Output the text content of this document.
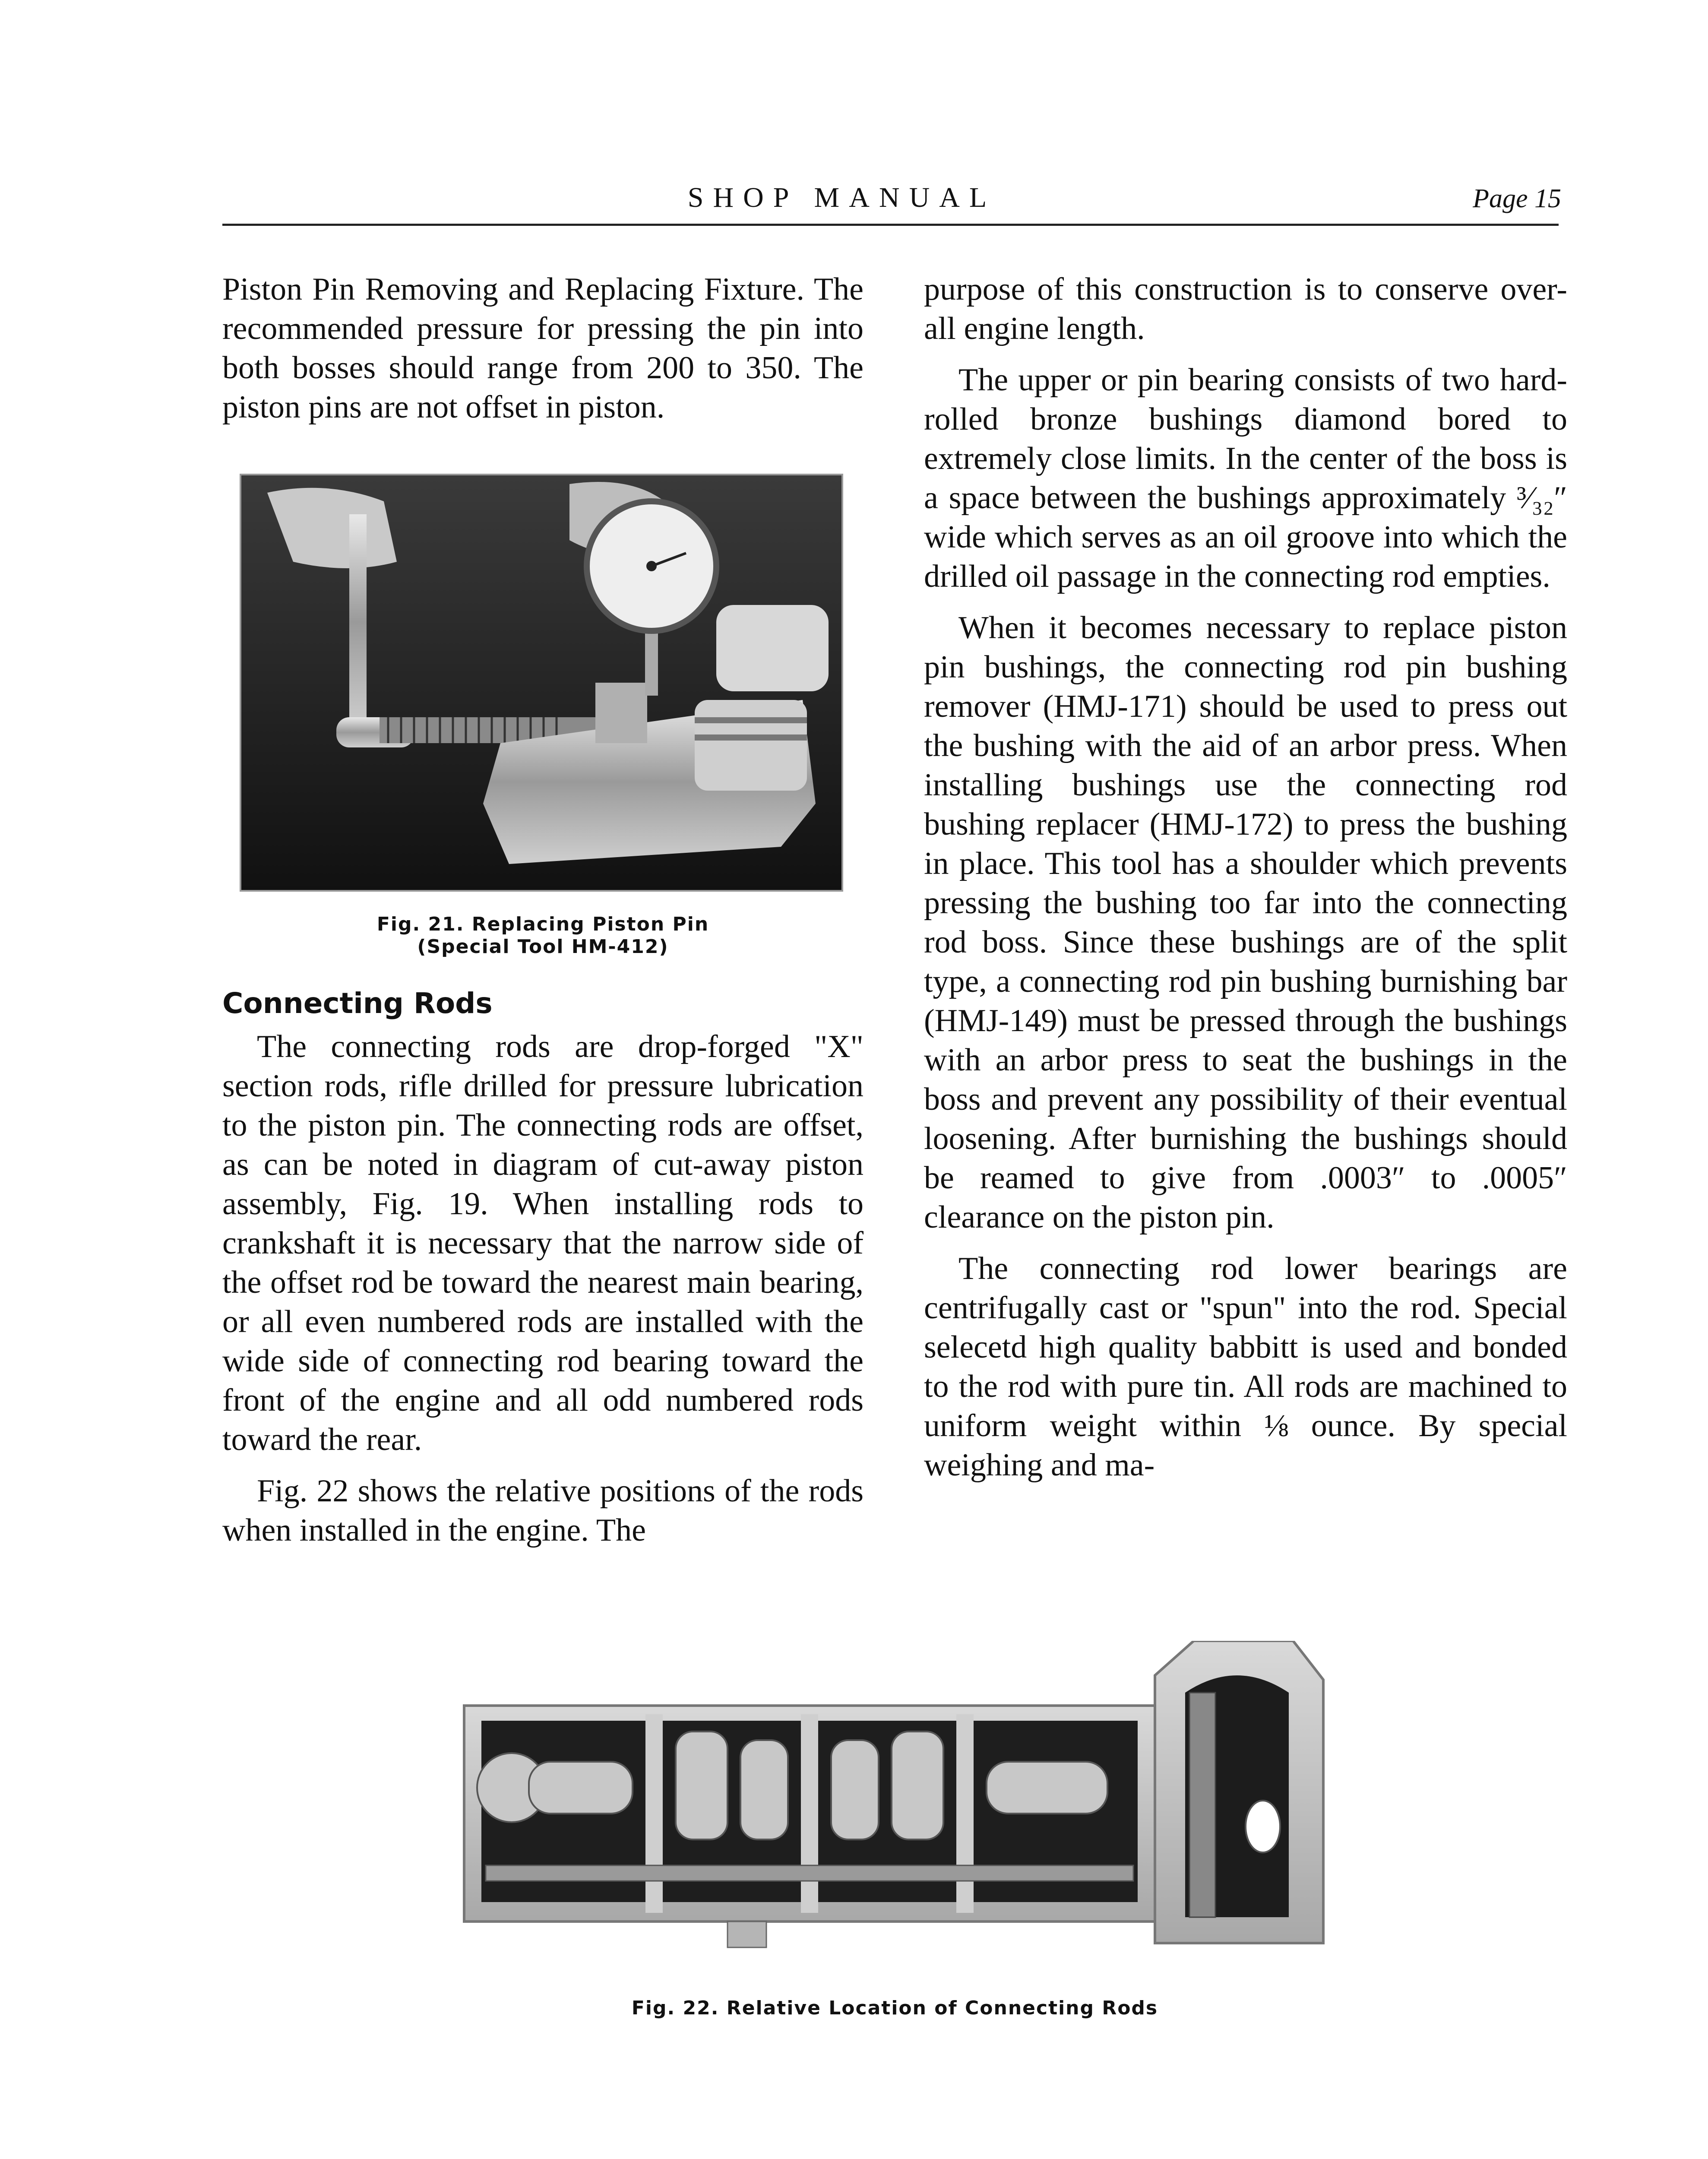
SHOP MANUAL	Page 15

Piston Pin Removing and Replacing Fixture. The recommended pressure for pressing the pin into both bosses should range from 200 to 350. The piston pins are not offset in piston.

Fig. 21. Replacing Piston Pin
(Special Tool HM-412)
Connecting Rods

The connecting rods are drop-forged "X" section rods, rifle drilled for pressure lubrication to the piston pin. The connecting rods are offset, as can be noted in diagram of cut-away piston assembly, Fig. 19. When installing rods to crankshaft it is necessary that the narrow side of the offset rod be toward the nearest main bearing, or all even numbered rods are installed with the wide side of connecting rod bearing toward the front of the engine and all odd numbered rods toward the rear.

Fig. 22 shows the relative positions of the rods when installed in the engine. The

purpose of this construction is to conserve over-all engine length.

The upper or pin bearing consists of two hard-rolled bronze bushings diamond bored to extremely close limits. In the center of the boss is a space between the bushings approximately ³⁄₃₂″ wide which serves as an oil groove into which the drilled oil passage in the connecting rod empties.

When it becomes necessary to replace piston pin bushings, the connecting rod pin bushing remover (HMJ-171) should be used to press out the bushing with the aid of an arbor press. When installing bushings use the connecting rod bushing replacer (HMJ-172) to press the bushing in place. This tool has a shoulder which prevents pressing the bushing too far into the connecting rod boss. Since these bushings are of the split type, a connecting rod pin bushing burnishing bar (HMJ-149) must be pressed through the bushings with an arbor press to seat the bushings in the boss and prevent any possibility of their eventual loosening. After burnishing the bushings should be reamed to give from .0003″ to .0005″ clearance on the piston pin.

The connecting rod lower bearings are centrifugally cast or "spun" into the rod. Special selecetd high quality babbitt is used and bonded to the rod with pure tin. All rods are machined to uniform weight within ⅛ ounce. By special weighing and ma-

Fig. 22. Relative Location of Connecting Rods
